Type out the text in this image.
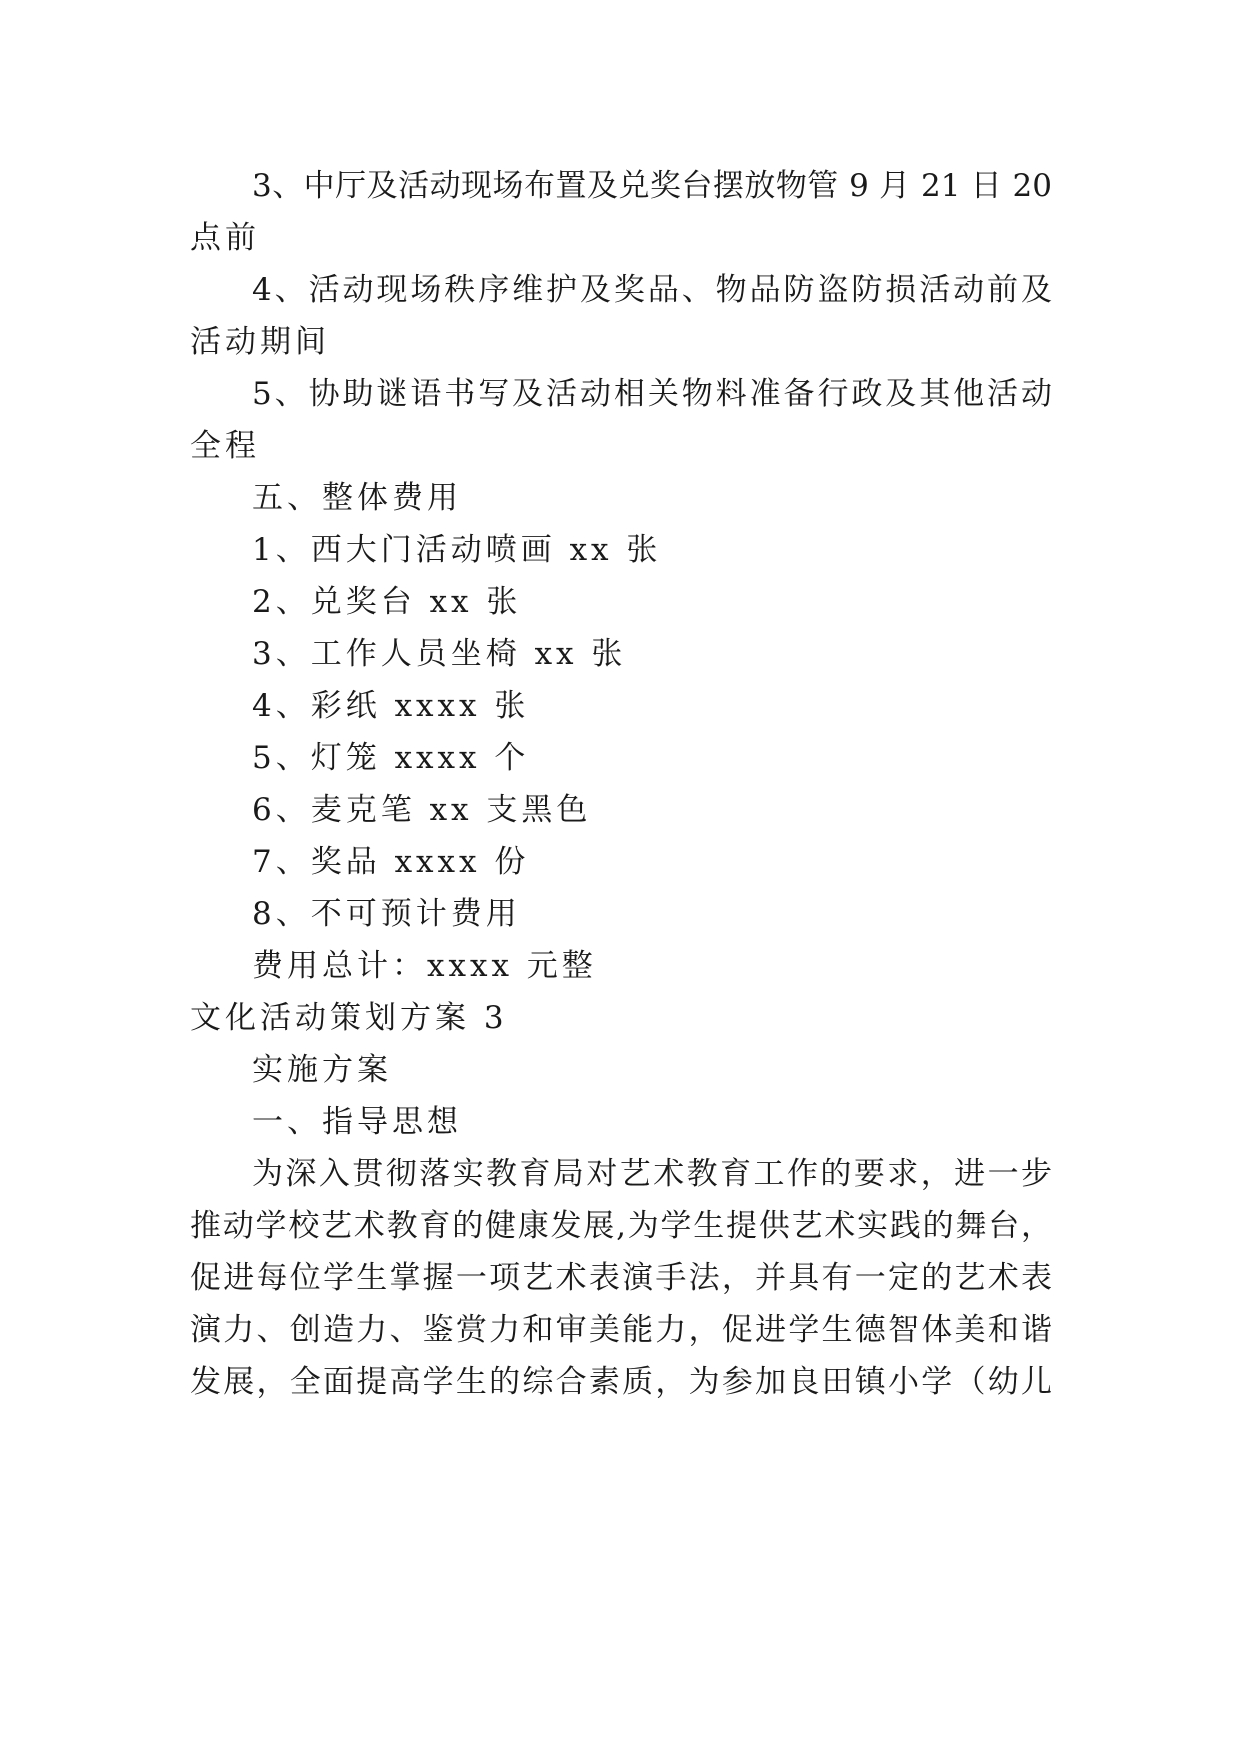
3、中厅及活动现场布置及兑奖台摆放物管 9 月 21 日 20
点前
4、活动现场秩序维护及奖品、物品防盗防损活动前及
活动期间
5、协助谜语书写及活动相关物料准备行政及其他活动
全程
五、整体费用
1、西大门活动喷画 xx 张
2、兑奖台 xx 张
3、工作人员坐椅 xx 张
4、彩纸 xxxx 张
5、灯笼 xxxx 个
6、麦克笔 xx 支黑色
7、奖品 xxxx 份
8、不可预计费用
费用总计：xxxx 元整
文化活动策划方案 3
实施方案
一、指导思想
为深入贯彻落实教育局对艺术教育工作的要求，进一步
推动学校艺术教育的健康发展,为学生提供艺术实践的舞台，
促进每位学生掌握一项艺术表演手法，并具有一定的艺术表
演力、创造力、鉴赏力和审美能力，促进学生德智体美和谐
发展，全面提高学生的综合素质，为参加良田镇小学（幼儿
